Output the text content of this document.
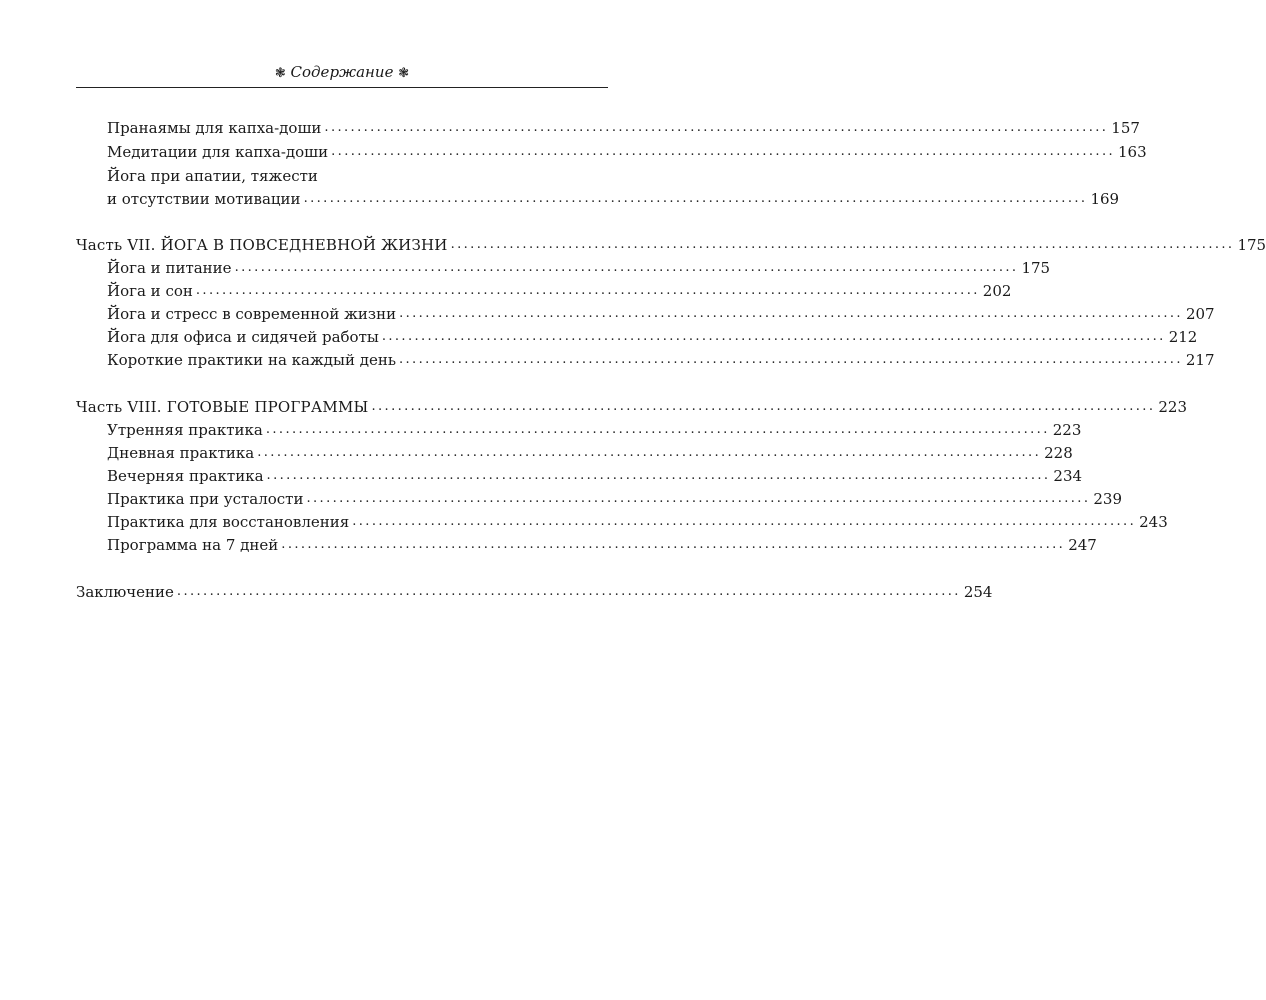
❃ Содержание ❃
Пранаямы для капха-доши ........................................................................................................................ 157
Медитации для капха-доши ........................................................................................................................ 163
Йога при апатии, тяжести
и отсутствии мотивации ........................................................................................................................ 169
Часть VII. ЙОГА В ПОВСЕДНЕВНОЙ ЖИЗНИ ........................................................................................................................ 175
Йога и питание ........................................................................................................................ 175
Йога и сон ........................................................................................................................ 202
Йога и стресс в современной жизни ........................................................................................................................ 207
Йога для офиса и сидячей работы ........................................................................................................................ 212
Короткие практики на каждый день ........................................................................................................................ 217
Часть VIII. ГОТОВЫЕ ПРОГРАММЫ ........................................................................................................................ 223
Утренняя практика ........................................................................................................................ 223
Дневная практика ........................................................................................................................ 228
Вечерняя практика ........................................................................................................................ 234
Практика при усталости ........................................................................................................................ 239
Практика для восстановления ........................................................................................................................ 243
Программа на 7 дней ........................................................................................................................ 247
Заключение ........................................................................................................................ 254
